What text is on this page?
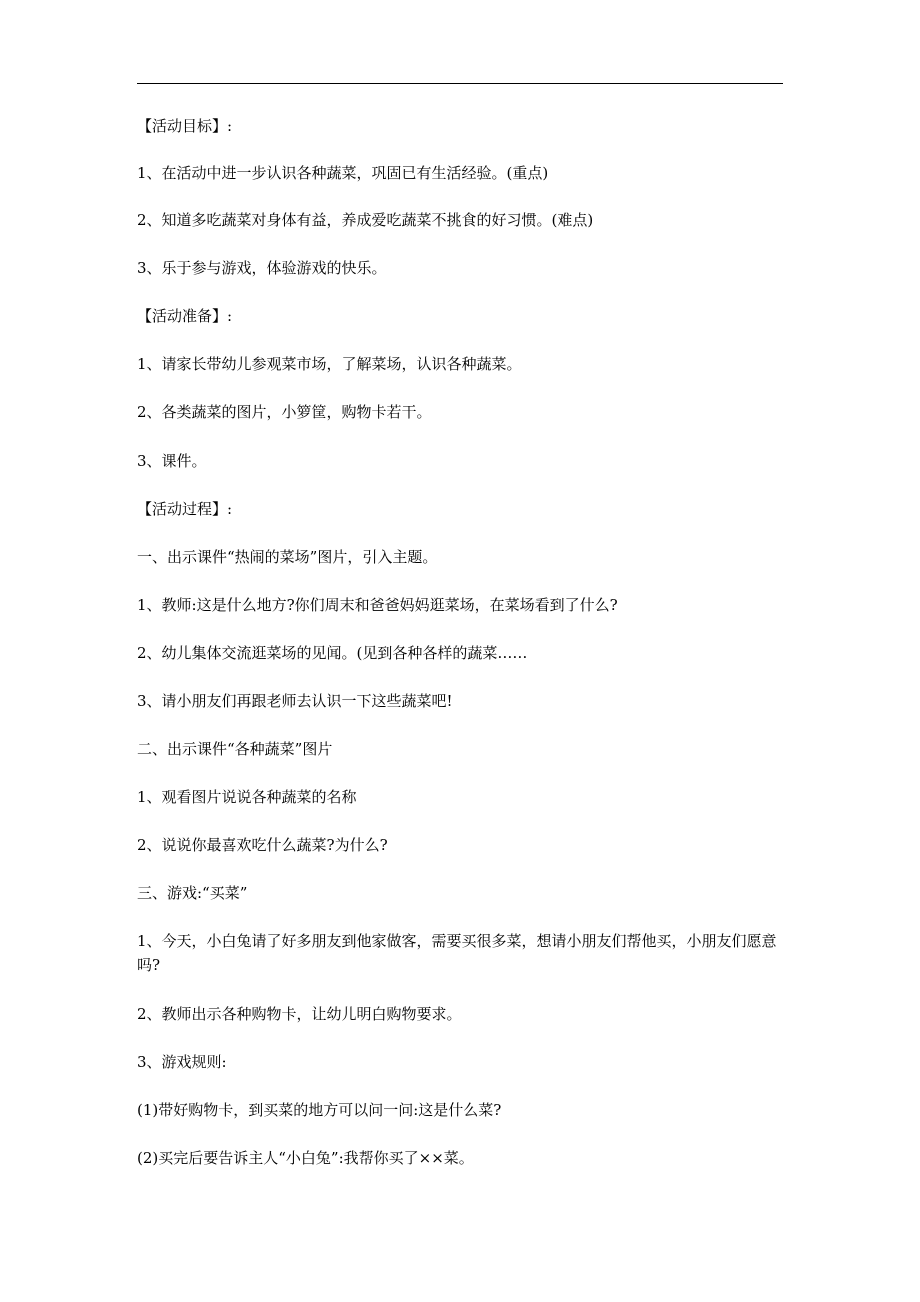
【活动目标】:
1、在活动中进一步认识各种蔬菜，巩固已有生活经验。(重点)
2、知道多吃蔬菜对身体有益，养成爱吃蔬菜不挑食的好习惯。(难点)
3、乐于参与游戏，体验游戏的快乐。
【活动准备】:
1、请家长带幼儿参观菜市场，了解菜场，认识各种蔬菜。
2、各类蔬菜的图片，小箩筐，购物卡若干。
3、课件。
【活动过程】:
一、出示课件“热闹的菜场”图片，引入主题。
1、教师:这是什么地方?你们周末和爸爸妈妈逛菜场，在菜场看到了什么?
2、幼儿集体交流逛菜场的见闻。(见到各种各样的蔬菜……
3、请小朋友们再跟老师去认识一下这些蔬菜吧!
二、出示课件“各种蔬菜”图片
1、观看图片说说各种蔬菜的名称
2、说说你最喜欢吃什么蔬菜?为什么?
三、游戏:“买菜”
1、今天，小白兔请了好多朋友到他家做客，需要买很多菜，想请小朋友们帮他买，小朋友们愿意吗?
2、教师出示各种购物卡，让幼儿明白购物要求。
3、游戏规则:
(1)带好购物卡，到买菜的地方可以问一问:这是什么菜?
(2)买完后要告诉主人“小白兔”:我帮你买了××菜。
